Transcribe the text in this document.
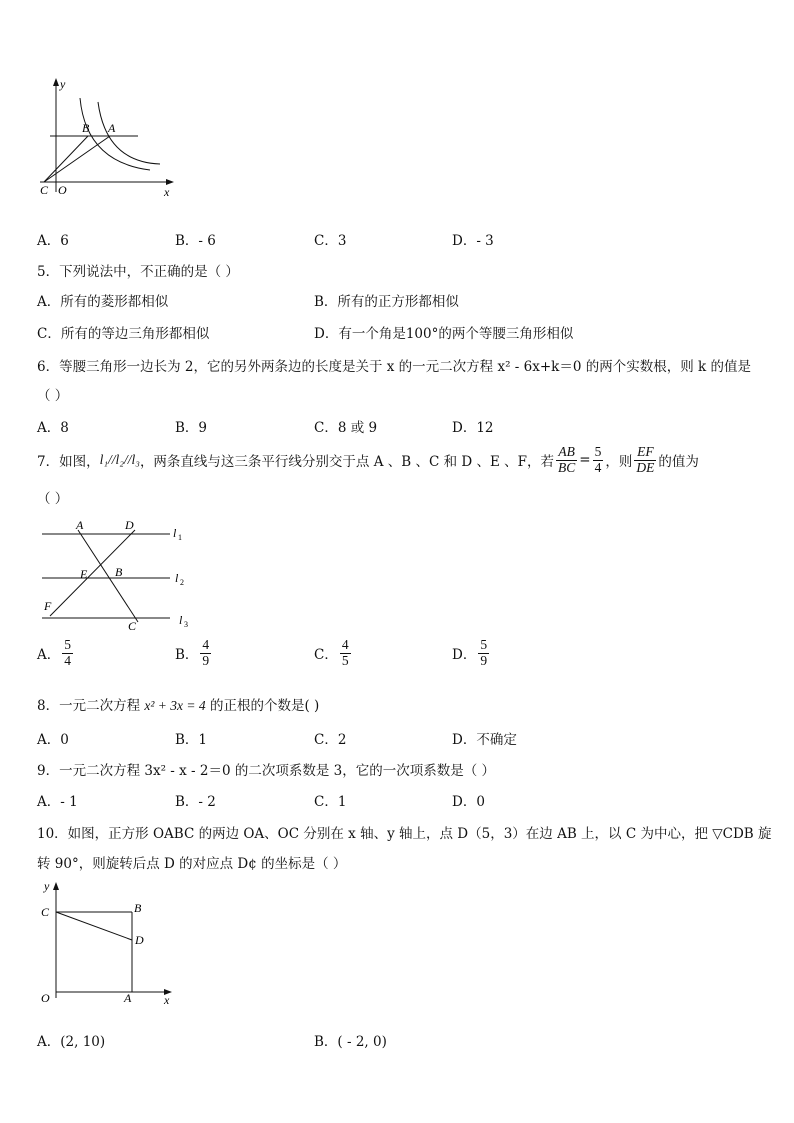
y
x
B A
C O
A．6	B．- 6	C．3	D．- 3
5．下列说法中，不正确的是（ ）
A．所有的菱形都相似	B．所有的正方形都相似
C．所有的等边三角形都相似	D．有一个角是100°的两个等腰三角形相似
6．等腰三角形一边长为 2，它的另外两条边的长度是关于 x 的一元二次方程 x² - 6x+k＝0 的两个实数根，则 k 的值是
（ ）
A．8	B．9	C．8 或 9	D．12
7．如图， l₁//l₂//l₃ ，两条直线与这三条平行线分别交于点 A 、B 、C 和 D 、E 、F，若 $\frac{AB}{BC} = \frac{5}{4}$ ，则 $\frac{EF}{DE}$ 的值为
（ ）
A	D
E B
F
C
l 1
l 2
l 3
A． $\frac{5}{4}$	B． $\frac{4}{9}$	C． $\frac{4}{5}$	D． $\frac{5}{9}$
8．一元二次方程 x² + 3x = 4 的正根的个数是( )
A．0	B．1	C．2	D．不确定
9．一元二次方程 3x² - x - 2＝0 的二次项系数是 3，它的一次项系数是（ ）
A．- 1	B．- 2	C．1	D．0
10．如图，正方形 OABC 的两边 OA、OC 分别在 x 轴、y 轴上，点 D（5，3）在边 AB 上，以 C 为中心，把 ▽CDB 旋
转 90°，则旋转后点 D 的对应点 D¢ 的坐标是（ ）
y
x
C	B
D
O	A
A．(2, 10)	B．( - 2, 0)
